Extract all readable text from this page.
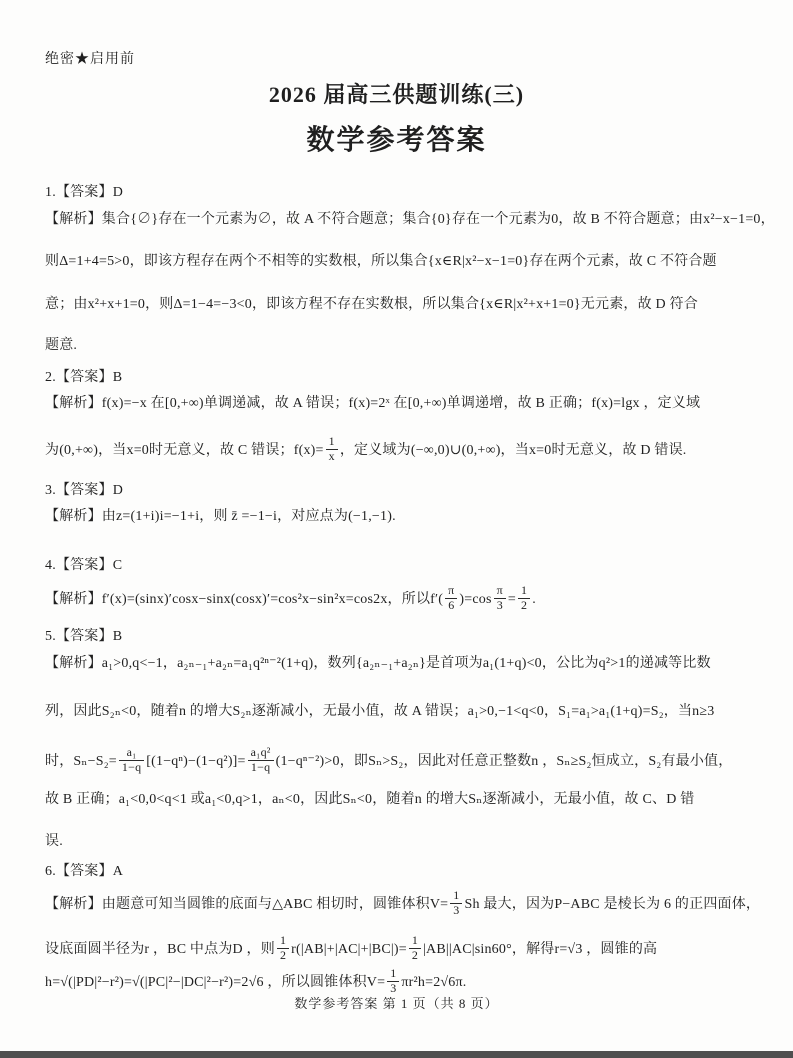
绝密★启用前
2026 届高三供题训练(三)
数学参考答案

1.【答案】D

【解析】集合{∅}存在一个元素为∅，故 A 不符合题意；集合{0}存在一个元素为0，故 B 不符合题意；由x²−x−1=0，

则Δ=1+4=5>0，即该方程存在两个不相等的实数根，所以集合{x∈R|x²−x−1=0}存在两个元素，故 C 不符合题

意；由x²+x+1=0，则Δ=1−4=−3<0，即该方程不存在实数根，所以集合{x∈R|x²+x+1=0}无元素，故 D 符合

题意.

2.【答案】B

【解析】f(x)=−x 在[0,+∞)单调递减，故 A 错误；f(x)=2ˣ 在[0,+∞)单调递增，故 B 正确；f(x)=lgx ，定义域

为(0,+∞)，当x=0时无意义，故 C 错误；$f(x)= \frac{1}{x}$ ，定义域为(−∞,0)∪(0,+∞)，当x=0时无意义，故 D 错误.

3.【答案】D

【解析】由z=(1+i)i=−1+i，则 z̄ =−1−i，对应点为(−1,−1).

4.【答案】C

【解析】f′(x)=(sinx)′cosx−sinx(cosx)′=cos²x−sin²x=cos2x，所以$f'( \frac{\pi}{6} )=\cos \frac{\pi}{3} = \frac{1}{2}$ .

5.【答案】B

【解析】a₁>0,q<−1，a₂ₙ₋₁+a₂ₙ=a₁q²ⁿ⁻²(1+q)，数列{a₂ₙ₋₁+a₂ₙ}是首项为a₁(1+q)<0，公比为q²>1的递减等比数

列，因此S₂ₙ<0，随着n 的增大S₂ₙ逐渐减小，无最小值，故 A 错误；a₁>0,−1<q<0，S₁=a₁>a₁(1+q)=S₂，当n≥3

时，$S_n-S_2= \frac{\text{a₁}}{1-q} [(1-q^n)-(1-q^2)]= \frac{\text{a₁q²}}{1-q} (1-q^{n-2})>0$，即Sₙ>S₂，因此对任意正整数n ，Sₙ≥S₂恒成立，S₂有最小值，

故 B 正确；a₁<0,0<q<1 或a₁<0,q>1，aₙ<0，因此Sₙ<0，随着n 的增大Sₙ逐渐减小，无最小值，故 C、D 错

误.

6.【答案】A

【解析】由题意可知当圆锥的底面与△ABC 相切时，圆锥体积$V= \frac{1}{3}$ Sh 最大，因为P−ABC 是棱长为 6 的正四面体，

设底面圆半径为r ，BC 中点为D ，则 $\frac{1}{2} r(|AB|+|AC|+|BC|)= \frac{1}{2} |AB||AC|\sin 60^\circ$，解得r=√3 ，圆锥的高

h=√(|PD|²−r²)=√(|PC|²−|DC|²−r²)=2√6 ，所以圆锥体积$V= \frac{1}{3} \pi r^2h=2√6\pi$.

数学参考答案 第 1 页（共 8 页）
